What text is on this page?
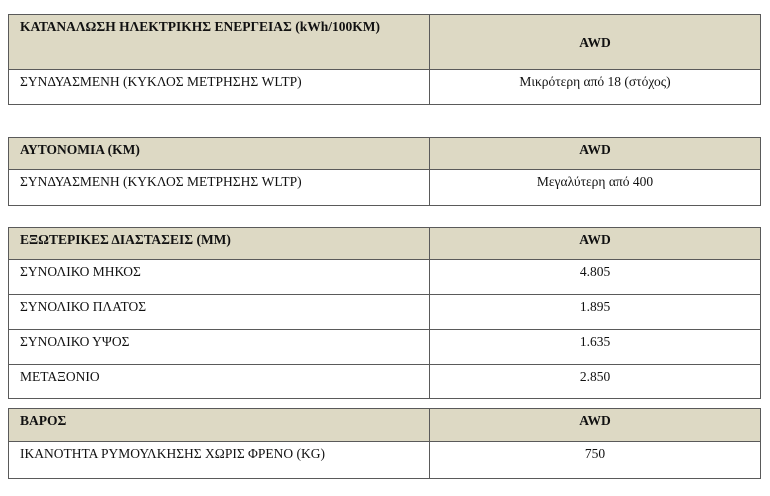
ΚΑΤΑΝΑΛΩΣΗ ΗΛΕΚΤΡΙΚΗΣ ΕΝΕΡΓΕΙΑΣ (kWh/100KM)	AWD
ΣΥΝΔΥΑΣΜΕΝΗ (ΚΥΚΛΟΣ ΜΕΤΡΗΣΗΣ WLTP)	Μικρότερη από 18 (στόχος)
ΑΥΤΟΝΟΜΙΑ (KM)	AWD
ΣΥΝΔΥΑΣΜΕΝΗ (ΚΥΚΛΟΣ ΜΕΤΡΗΣΗΣ WLTP)	Μεγαλύτερη από 400
ΕΞΩΤΕΡΙΚΕΣ ΔΙΑΣΤΑΣΕΙΣ (MM)	AWD
ΣΥΝΟΛΙΚΟ ΜΗΚΟΣ	4.805
ΣΥΝΟΛΙΚΟ ΠΛΑΤΟΣ	1.895
ΣΥΝΟΛΙΚΟ ΥΨΟΣ	1.635
ΜΕΤΑΞΟΝΙΟ	2.850
ΒΑΡΟΣ	AWD
ΙΚΑΝΟΤΗΤΑ ΡΥΜΟΥΛΚΗΣΗΣ ΧΩΡΙΣ ΦΡΕΝΟ (KG)	750
